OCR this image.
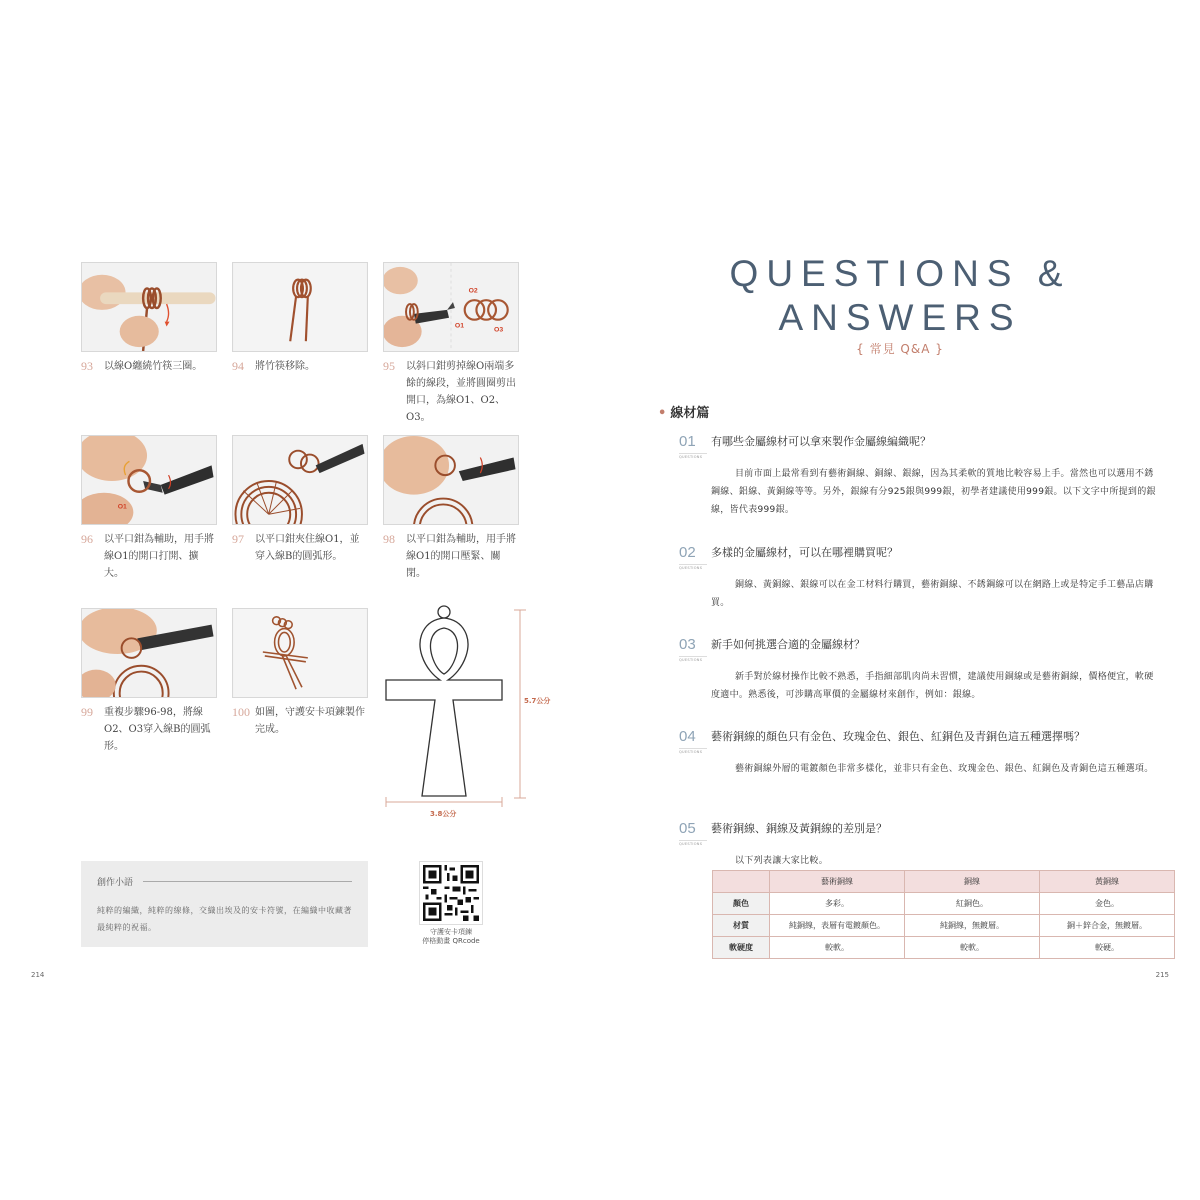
93	以線O纏繞竹筷三圈。	94	將竹筷移除。
O2
O1
O3
95	以斜口鉗剪掉線O兩端多餘的線段，並將圓圈剪出開口，為線O1、O2、O3。
O1
96	以平口鉗為輔助，用手將線O1的開口打開、擴大。
97	以平口鉗夾住線O1，並穿入線B的圓弧形。
98	以平口鉗為輔助，用手將線O1的開口壓緊、關閉。
99	重複步驟96-98，將線O2、O3穿入線B的圓弧形。
100 如圖，守護安卡項鍊製作完成。
5.7公分
3.8公分
創作小語
純粹的編織，純粹的線條，交織出埃及的安卡符號，在編織中收藏著最純粹的祝福。	守護安卡項鍊
停格動畫 QRcode
214
QUESTIONS &
ANSWERS
{ 常見 Q&A }
• 線材篇
01
QUESTIONS
有哪些金屬線材可以拿來製作金屬線編織呢？
目前市面上最常看到有藝術銅線、銅線、銀線，因為其柔軟的質地比較容易上手。當然也可以選用不銹鋼線、鋁線、黃銅線等等。另外，銀線有分925銀與999銀，初學者建議使用999銀。以下文字中所提到的銀線，皆代表999銀。
02
QUESTIONS
多樣的金屬線材，可以在哪裡購買呢？
銅線、黃銅線、銀線可以在金工材料行購買，藝術銅線、不銹鋼線可以在網路上或是特定手工藝品店購買。
03
QUESTIONS
新手如何挑選合適的金屬線材？
新手對於線材操作比較不熟悉，手指細部肌肉尚未習慣，建議使用銅線或是藝術銅線，價格便宜，軟硬度適中。熟悉後，可涉購高單價的金屬線材來創作，例如：銀線。
04
QUESTIONS
藝術銅線的顏色只有金色、玫瑰金色、銀色、紅銅色及青銅色這五種選擇嗎？
藝術銅線外層的電鍍顏色非常多樣化，並非只有金色、玫瑰金色、銀色、紅銅色及青銅色這五種選項。
05
QUESTIONS
藝術銅線、銅線及黃銅線的差別是？
以下列表讓大家比較。
215
	藝術銅線	銅線	黃銅線
顏色	多彩。	紅銅色。	金色。
材質	純銅線，表層有電鍍顏色。	純銅線，無鍍層。	銅＋鋅合金，無鍍層。
軟硬度	較軟。	較軟。	較硬。
